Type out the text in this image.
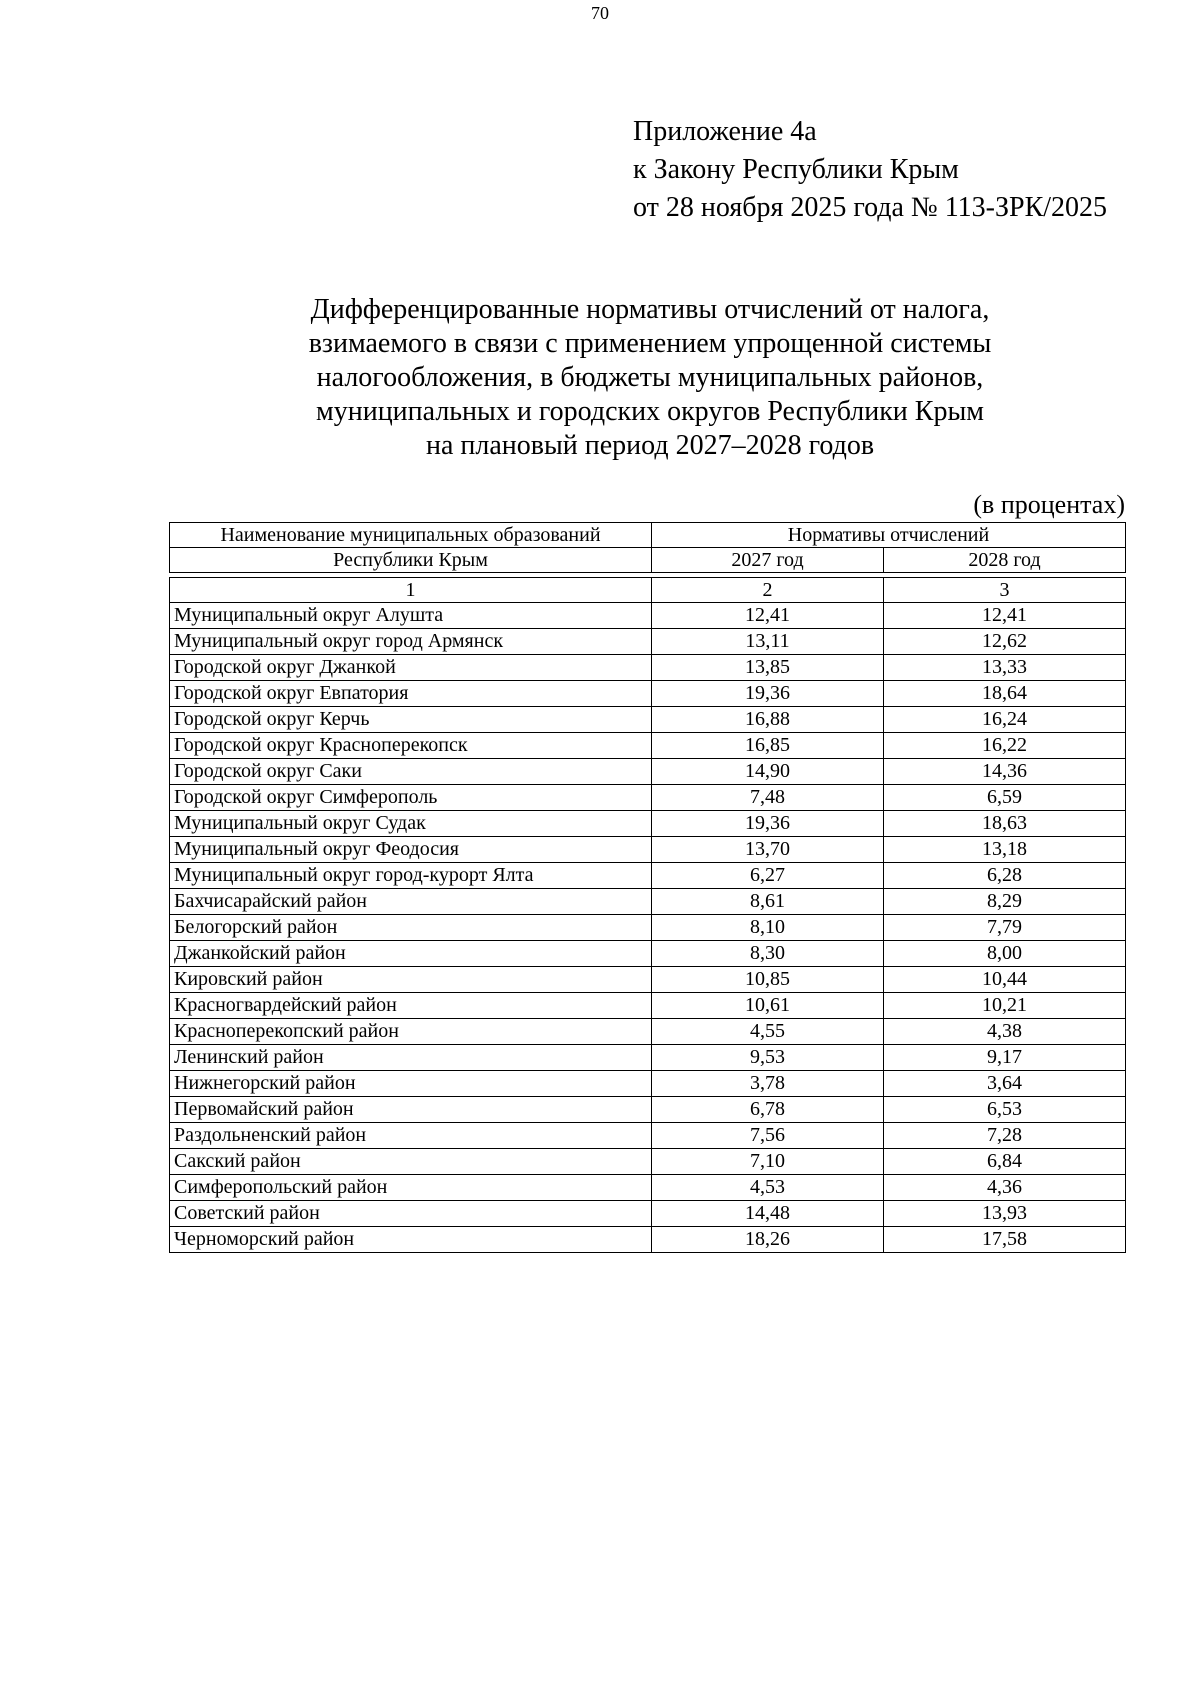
70
Приложение 4а
к Закону Республики Крым
от 28 ноября 2025 года № 113-ЗРК/2025
Дифференцированные нормативы отчислений от налога,
взимаемого в связи с применением упрощенной системы
налогообложения, в бюджеты муниципальных районов,
муниципальных и городских округов Республики Крым
на плановый период 2027–2028 годов
(в процентах)
Наименование муниципальных образований	Нормативы отчислений	
Республики Крым	2027 год	2028 год

1	2	3
Муниципальный округ Алушта	12,41	12,41
Муниципальный округ город Армянск	13,11	12,62
Городской округ Джанкой	13,85	13,33
Городской округ Евпатория	19,36	18,64
Городской округ Керчь	16,88	16,24
Городской округ Красноперекопск	16,85	16,22
Городской округ Саки	14,90	14,36
Городской округ Симферополь	7,48	6,59
Муниципальный округ Судак	19,36	18,63
Муниципальный округ Феодосия	13,70	13,18
Муниципальный округ город-курорт Ялта	6,27	6,28
Бахчисарайский район	8,61	8,29
Белогорский район	8,10	7,79
Джанкойский район	8,30	8,00
Кировский район	10,85	10,44
Красногвардейский район	10,61	10,21
Красноперекопский район	4,55	4,38
Ленинский район	9,53	9,17
Нижнегорский район	3,78	3,64
Первомайский район	6,78	6,53
Раздольненский район	7,56	7,28
Сакский район	7,10	6,84
Симферопольский район	4,53	4,36
Советский район	14,48	13,93
Черноморский район	18,26	17,58
